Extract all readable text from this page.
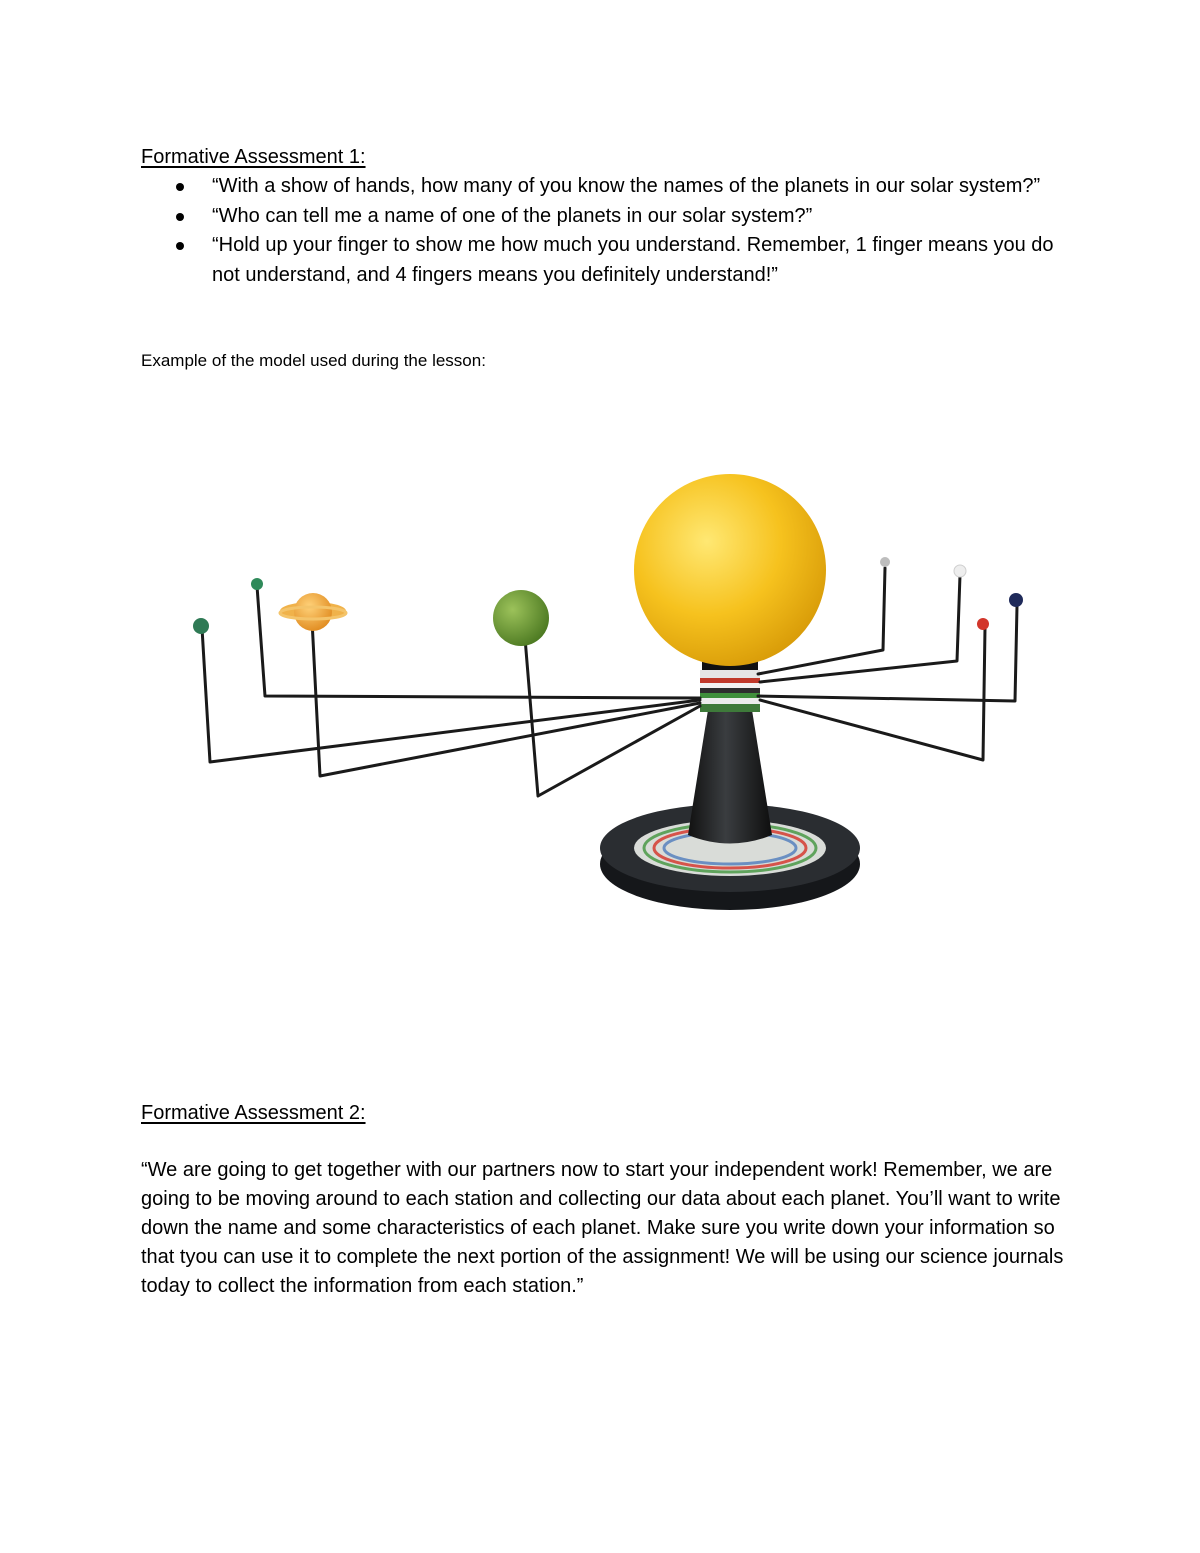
Formative Assessment 1:
“With a show of hands, how many of you know the names of the planets in our solar system?”
“Who can tell me a name of one of the planets in our solar system?”
“Hold up your finger to show me how much you understand. Remember, 1 finger means you do not understand, and 4 fingers means you definitely understand!”

Example of the model used during the lesson:

Formative Assessment 2:

“We are going to get together with our partners now to start your independent work! Remember, we are going to be moving around to each station and collecting our data about each planet. You’ll want to write down the name and some characteristics of each planet. Make sure you write down your information so that tyou can use it to complete the next portion of the assignment! We will be using our science journals today to collect the information from each station.”
